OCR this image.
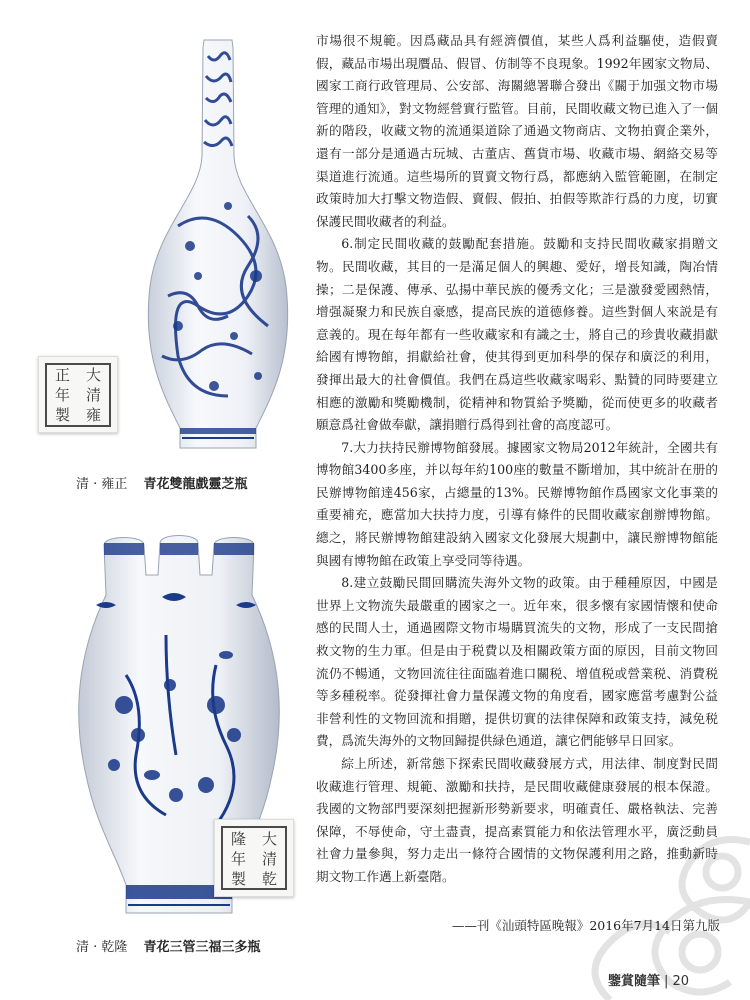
大
清
雍
正
年
製
清 · 雍正 青花雙龍戲靈芝瓶
大
清
乾
隆
年
製
清 · 乾隆 青花三管三福三多瓶

市場很不規範。因爲藏品具有經濟價值，某些人爲利益驅使，造假賣假，藏品市場出現贋品、假冒、仿制等不良現象。1992年國家文物局、國家工商行政管理局、公安部、海關總署聯合發出《關于加强文物市場管理的通知》，對文物經營實行監管。目前，民間收藏文物已進入了一個新的階段，收藏文物的流通渠道除了通過文物商店、文物拍賣企業外，還有一部分是通過古玩城、古董店、舊貨市場、收藏市場、網絡交易等渠道進行流通。這些場所的買賣文物行爲，都應納入監管範圍，在制定政策時加大打擊文物造假、賣假、假拍、拍假等欺詐行爲的力度，切實保護民間收藏者的利益。

6.制定民間收藏的鼓勵配套措施。鼓勵和支持民間收藏家捐贈文物。民間收藏，其目的一是滿足個人的興趣、愛好，增長知識，陶冶情操；二是保護、傳承、弘揚中華民族的優秀文化；三是激發愛國熱情，增强凝聚力和民族自豪感，提高民族的道德修養。這些對個人來説是有意義的。現在每年都有一些收藏家和有識之士，將自己的珍貴收藏捐獻給國有博物館，捐獻給社會，使其得到更加科學的保存和廣泛的利用，發揮出最大的社會價值。我們在爲這些收藏家喝彩、點贊的同時要建立相應的激勵和獎勵機制，從精神和物質給予獎勵，從而使更多的收藏者願意爲社會做奉獻，讓捐贈行爲得到社會的高度認可。

7.大力扶持民辦博物館發展。據國家文物局2012年統計，全國共有博物館3400多座，并以每年約100座的數量不斷增加，其中統計在册的民辦博物館達456家，占總量的13%。民辦博物館作爲國家文化事業的重要補充，應當加大扶持力度，引導有條件的民間收藏家創辦博物館。總之，將民辦博物館建設納入國家文化發展大規劃中，讓民辦博物館能與國有博物館在政策上享受同等待遇。

8.建立鼓勵民間回購流失海外文物的政策。由于種種原因，中國是世界上文物流失最嚴重的國家之一。近年來，很多懷有家國情懷和使命感的民間人士，通過國際文物市場購買流失的文物，形成了一支民間搶救文物的生力軍。但是由于税費以及相關政策方面的原因，目前文物回流仍不暢通，文物回流往往面臨着進口關税、增值税或營業税、消費税等多種税率。從發揮社會力量保護文物的角度看，國家應當考慮對公益非營利性的文物回流和捐贈，提供切實的法律保障和政策支持，減免税費，爲流失海外的文物回歸提供緑色通道，讓它們能够早日回家。

綜上所述，新常態下探索民間收藏發展方式，用法律、制度對民間收藏進行管理、規範、激勵和扶持，是民間收藏健康發展的根本保證。我國的文物部門要深刻把握新形勢新要求，明確責任、嚴格執法、完善保障，不辱使命，守土盡責，提高素質能力和依法管理水平，廣泛動員社會力量參與，努力走出一條符合國情的文物保護利用之路，推動新時期文物工作邁上新臺階。

——刊《汕頭特區晚報》2016年7月14日第九版
鑒賞隨筆 | 20
